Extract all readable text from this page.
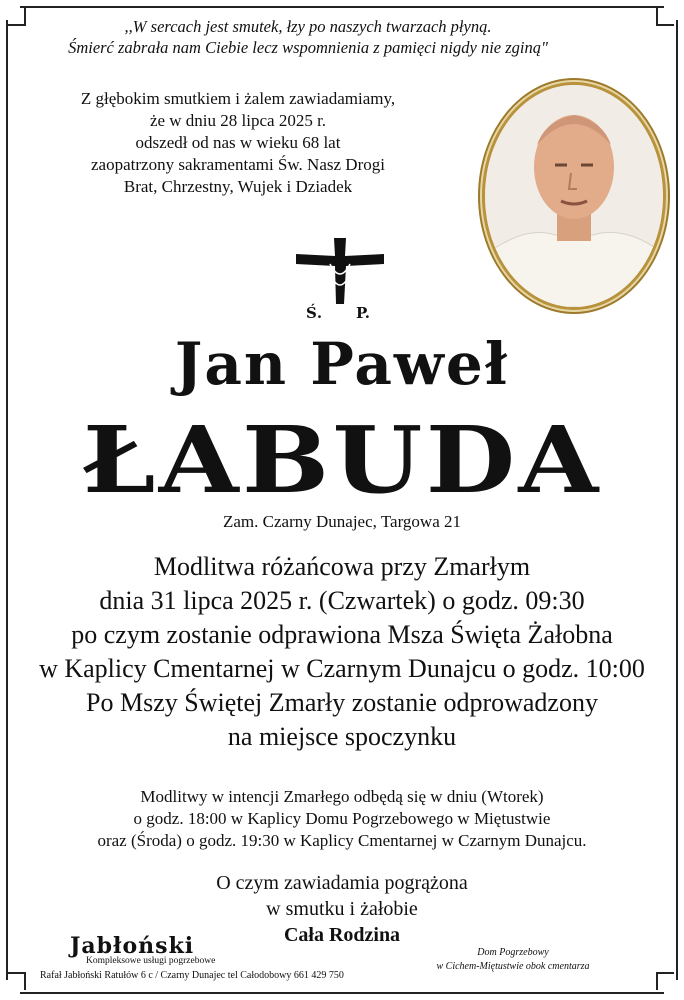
,,W sercach jest smutek, łzy po naszych twarzach płyną.
Śmierć zabrała nam Ciebie lecz wspomnienia z pamięci nigdy nie zginą"
Z głębokim smutkiem i żalem zawiadamiamy,
że w dniu 28 lipca 2025 r.
odszedł od nas w wieku 68 lat
zaopatrzony sakramentami Św. Nasz Drogi
Brat, Chrzestny, Wujek i Dziadek
Ś. P.
Jan Paweł
ŁABUDA
Zam. Czarny Dunajec, Targowa 21
Modlitwa różańcowa przy Zmarłym
dnia 31 lipca 2025 r. (Czwartek) o godz. 09:30
po czym zostanie odprawiona Msza Święta Żałobna
w Kaplicy Cmentarnej w Czarnym Dunajcu o godz. 10:00
Po Mszy Świętej Zmarły zostanie odprowadzony
na miejsce spoczynku
Modlitwy w intencji Zmarłego odbędą się w dniu (Wtorek)
o godz. 18:00 w Kaplicy Domu Pogrzebowego w Miętustwie
oraz (Środa) o godz. 19:30 w Kaplicy Cmentarnej w Czarnym Dunajcu.
O czym zawiadamia pogrążona
w smutku i żałobie
Cała Rodzina
Jabłoński
Kompleksowe usługi pogrzebowe
Rafał Jabłoński Ratułów 6 c / Czarny Dunajec tel Całodobowy 661 429 750
Dom Pogrzebowy
w Cichem-Miętustwie obok cmentarza
